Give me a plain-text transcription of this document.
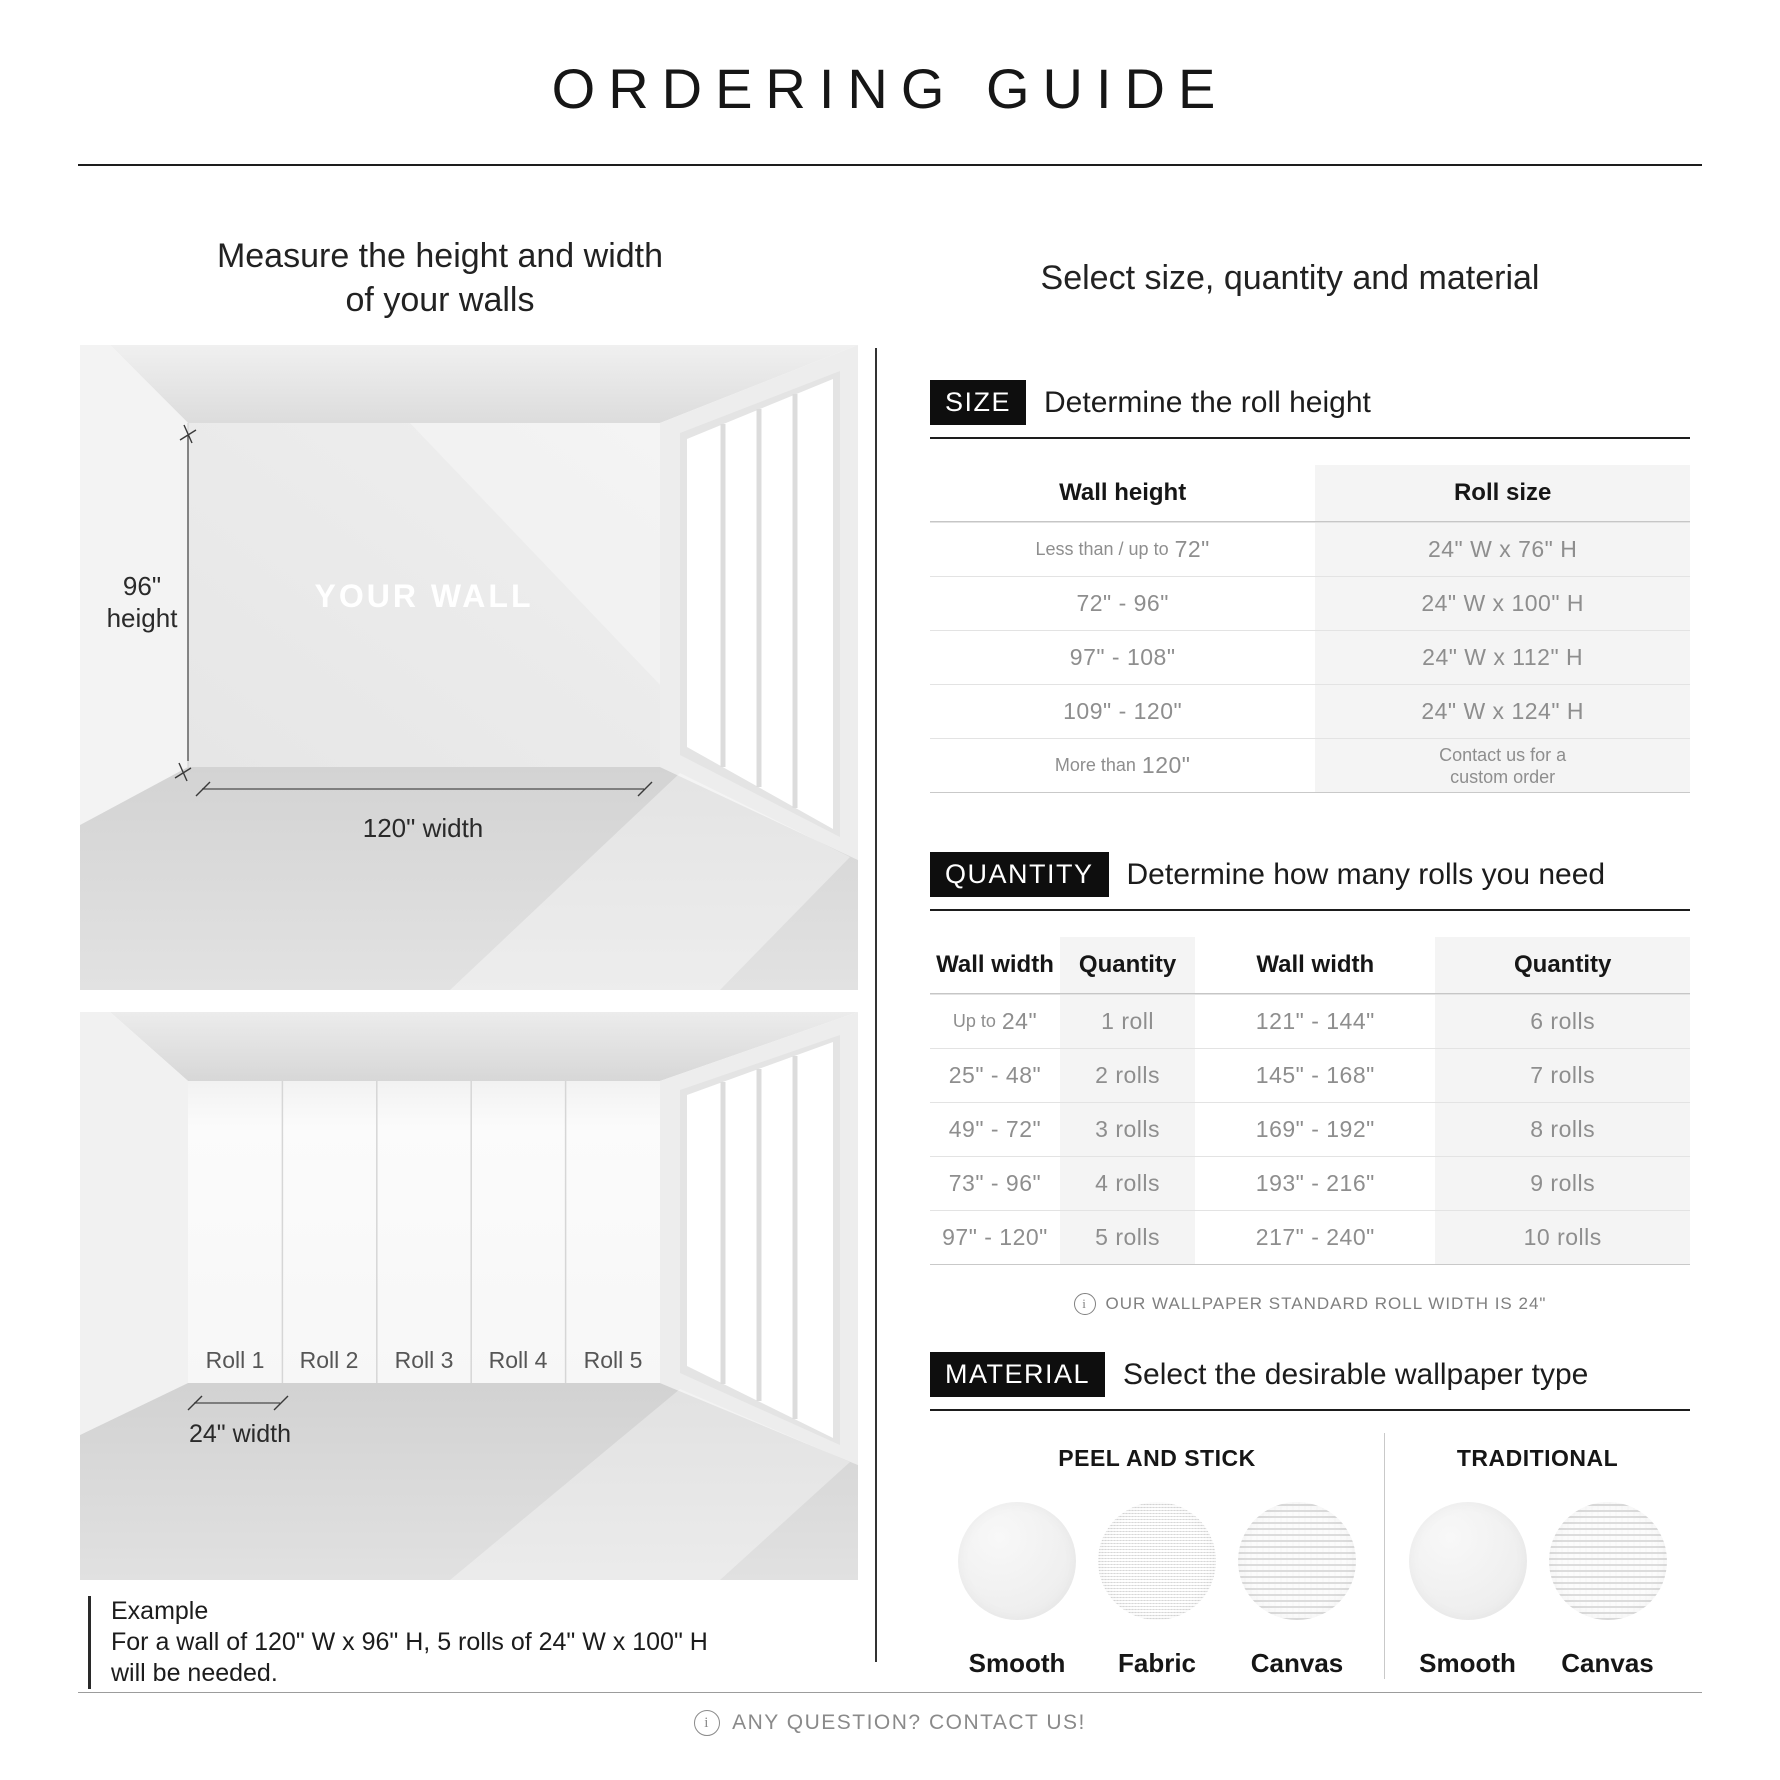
ORDERING GUIDE
Measure the height and width
of your walls
96"
height
YOUR WALL
120" width
Roll 1 Roll 2 Roll 3 Roll 4 Roll 5
24" width
Example
For a wall of 120" W x 96" H, 5 rolls of 24" W x 100" H
will be needed.
Select size, quantity and material
SIZE	Determine the roll height
Wall height	Roll size
Less than / up to 72"	24" W x 76" H
72" - 96"	24" W x 100" H
97" - 108"	24" W x 112" H
109" - 120"	24" W x 124" H
More than 120"	Contact us for a
custom order
QUANTITY	Determine how many rolls you need
Wall width	Quantity	Wall width	Quantity
Up to 24"	1 roll	121" - 144"	6 rolls
25" - 48" 2 rolls	145" - 168"	7 rolls
49" - 72" 3 rolls	169" - 192"	8 rolls
73" - 96" 4 rolls	193" - 216"	9 rolls
97" - 120" 5 rolls	217" - 240"	10 rolls
i	OUR WALLPAPER STANDARD ROLL WIDTH IS 24"
MATERIAL	Select the desirable wallpaper type
PEEL AND STICK
Smooth Fabric Canvas
TRADITIONAL
Smooth Canvas
i	ANY QUESTION? CONTACT US!
